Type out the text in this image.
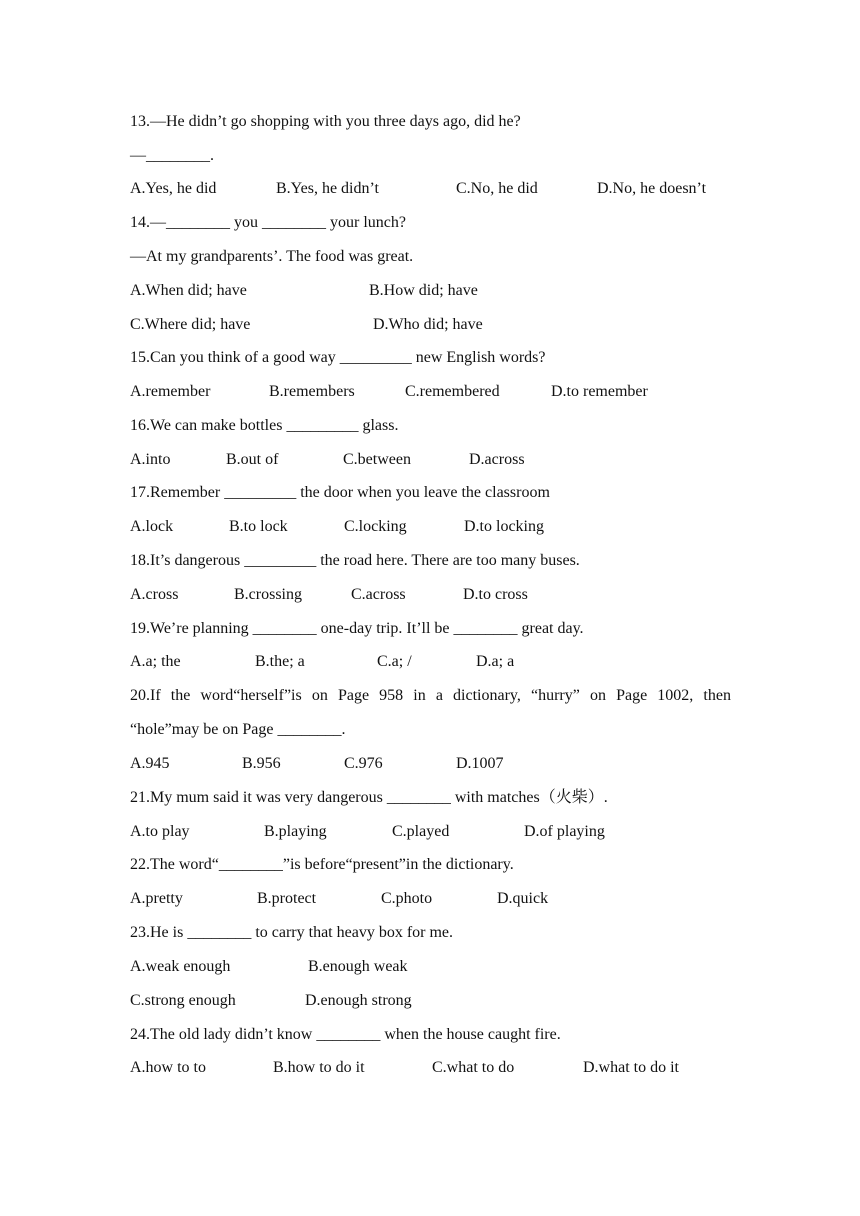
13.—He didn’t go shopping with you three days ago, did he?
—________.
A.Yes, he did	B.Yes, he didn’t	C.No, he did	D.No, he doesn’t
14.—________ you ________ your lunch?
—At my grandparents’. The food was great.
A.When did; have	B.How did; have
C.Where did; have	D.Who did; have
15.Can you think of a good way _________ new English words?
A.remember	B.remembers	C.remembered	D.to remember
16.We can make bottles _________ glass.
A.into	B.out of	C.between	D.across
17.Remember _________ the door when you leave the classroom
A.lock	B.to lock	C.locking	D.to locking
18.It’s dangerous _________ the road here. There are too many buses.
A.cross	B.crossing	C.across	D.to cross
19.We’re planning ________ one-day trip. It’ll be ________ great day.
A.a; the	B.the; a	C.a; /	D.a; a
20.If the word“herself”is on Page 958 in a dictionary, “hurry” on Page 1002, then
“hole”may be on Page ________.
A.945	B.956	C.976	D.1007
21.My mum said it was very dangerous ________ with matches（火柴）.
A.to play	B.playing	C.played	D.of playing
22.The word“________”is before“present”in the dictionary.
A.pretty	B.protect	C.photo	D.quick
23.He is ________ to carry that heavy box for me.
A.weak enough	B.enough weak
C.strong enough	D.enough strong
24.The old lady didn’t know ________ when the house caught fire.
A.how to to	B.how to do it	C.what to do	D.what to do it
